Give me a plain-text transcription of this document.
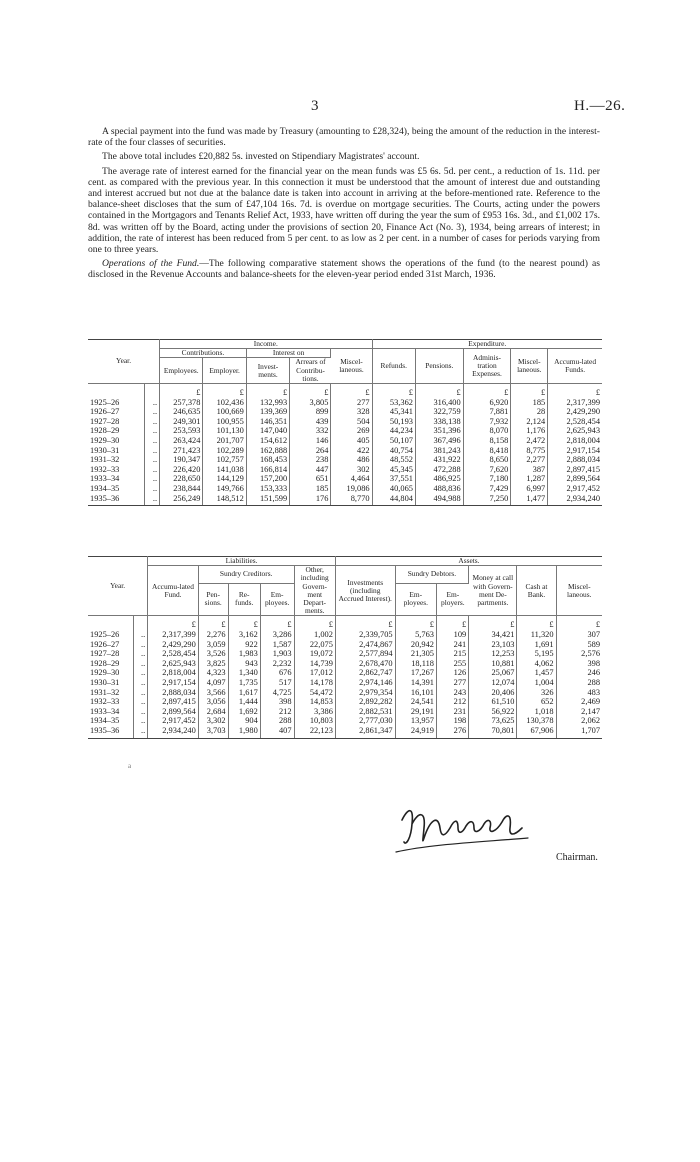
3	H.—26.

A special payment into the fund was made by Treasury (amounting to £28,324), being the amount of the reduction in the interest-rate of the four classes of securities.

The above total includes £20,882 5s. invested on Stipendiary Magistrates' account.

The average rate of interest earned for the financial year on the mean funds was £5 6s. 5d. per cent., a reduction of 1s. 11d. per cent. as compared with the previous year. In this connection it must be understood that the amount of interest due and outstanding and interest accrued but not due at the balance date is taken into account in arriving at the before-mentioned rate. Reference to the balance-sheet discloses that the sum of £47,104 16s. 7d. is overdue on mortgage securities. The Courts, acting under the powers contained in the Mortgagors and Tenants Relief Act, 1933, have written off during the year the sum of £953 16s. 3d., and £1,002 17s. 8d. was written off by the Board, acting under the provisions of section 20, Finance Act (No. 3), 1934, being arrears of interest; in addition, the rate of interest has been reduced from 5 per cent. to as low as 2 per cent. in a number of cases for periods varying from one to three years.

Operations of the Fund.—The following comparative statement shows the operations of the fund (to the nearest pound) as disclosed in the Revenue Accounts and balance-sheets for the eleven-year period ended 31st March, 1936.

Year.		Income.					Expenditure.				
		Contributions.		Interest on		Miscel-laneous.	Refunds.	Pensions.	Adminis-tration Expenses.	Miscel-laneous.	Accumu-lated Funds.
		Employees.	Employer.	Invest-ments.	Arrears of Contribu-tions.						
		£	£	£	£	£	£	£	£	£	£
1925–26	..	257,378	102,436	132,993	3,805	277	53,362	316,400	6,920	185	2,317,399
1926–27	..	246,635	100,669	139,369	899	328	45,341	322,759	7,881	28	2,429,290
1927–28	..	249,301	100,955	146,351	439	504	50,193	338,138	7,932	2,124	2,528,454
1928–29	..	253,593	101,130	147,040	332	269	44,234	351,396	8,070	1,176	2,625,943
1929–30	..	263,424	201,707	154,612	146	405	50,107	367,496	8,158	2,472	2,818,004
1930–31	..	271,423	102,289	162,888	264	422	40,754	381,243	8,418	8,775	2,917,154
1931–32	..	190,347	102,757	168,453	238	486	48,552	431,922	8,650	2,277	2,888,034
1932–33	..	226,420	141,038	166,814	447	302	45,345	472,288	7,620	387	2,897,415
1933–34	..	228,650	144,129	157,200	651	4,464	37,551	486,925	7,180	1,287	2,899,564
1934–35	..	238,844	149,766	153,333	185	19,086	40,065	488,836	7,429	6,997	2,917,452
1935–36	..	256,249	148,512	151,599	176	8,770	44,804	494,988	7,250	1,477	2,934,240
Year.		Liabilities.					Assets.					
		Accumu-lated Fund.	Sundry Creditors.			Other, including Govern-ment Depart-ments.	Investments (including Accrued Interest).	Sundry Debtors.		Money at call with Govern-ment De-partments.	Cash at Bank.	Miscel-laneous.
			Pen-sions.	Re-funds.	Em-ployees.			Em-ployees.	Em-ployers.			
		£	£	£	£	£	£	£	£	£	£	£
1925–26	..	2,317,399	2,276	3,162	3,286	1,002	2,339,705	5,763	109	34,421	11,320	307
1926–27	..	2,429,290	3,059	922	1,587	22,075	2,474,867	20,942	241	23,103	1,691	589
1927–28	..	2,528,454	3,526	1,983	1,903	19,072	2,577,894	21,305	215	12,253	5,195	2,576
1928–29	..	2,625,943	3,825	943	2,232	14,739	2,678,470	18,118	255	10,881	4,062	398
1929–30	..	2,818,004	4,323	1,340	676	17,012	2,862,747	17,267	126	25,067	1,457	246
1930–31	..	2,917,154	4,097	1,735	517	14,178	2,974,146	14,391	277	12,074	1,004	288
1931–32	..	2,888,034	3,566	1,617	4,725	54,472	2,979,354	16,101	243	20,406	326	483
1932–33	..	2,897,415	3,056	1,444	398	14,853	2,892,282	24,541	212	61,510	652	2,469
1933–34	..	2,899,564	2,684	1,692	212	3,386	2,882,531	29,191	231	56,922	1,018	2,147
1934–35	..	2,917,452	3,302	904	288	10,803	2,777,030	13,957	198	73,625	130,378	2,062
1935–36	..	2,934,240	3,703	1,980	407	22,123	2,861,347	24,919	276	70,801	67,906	1,707
a
Chairman.
